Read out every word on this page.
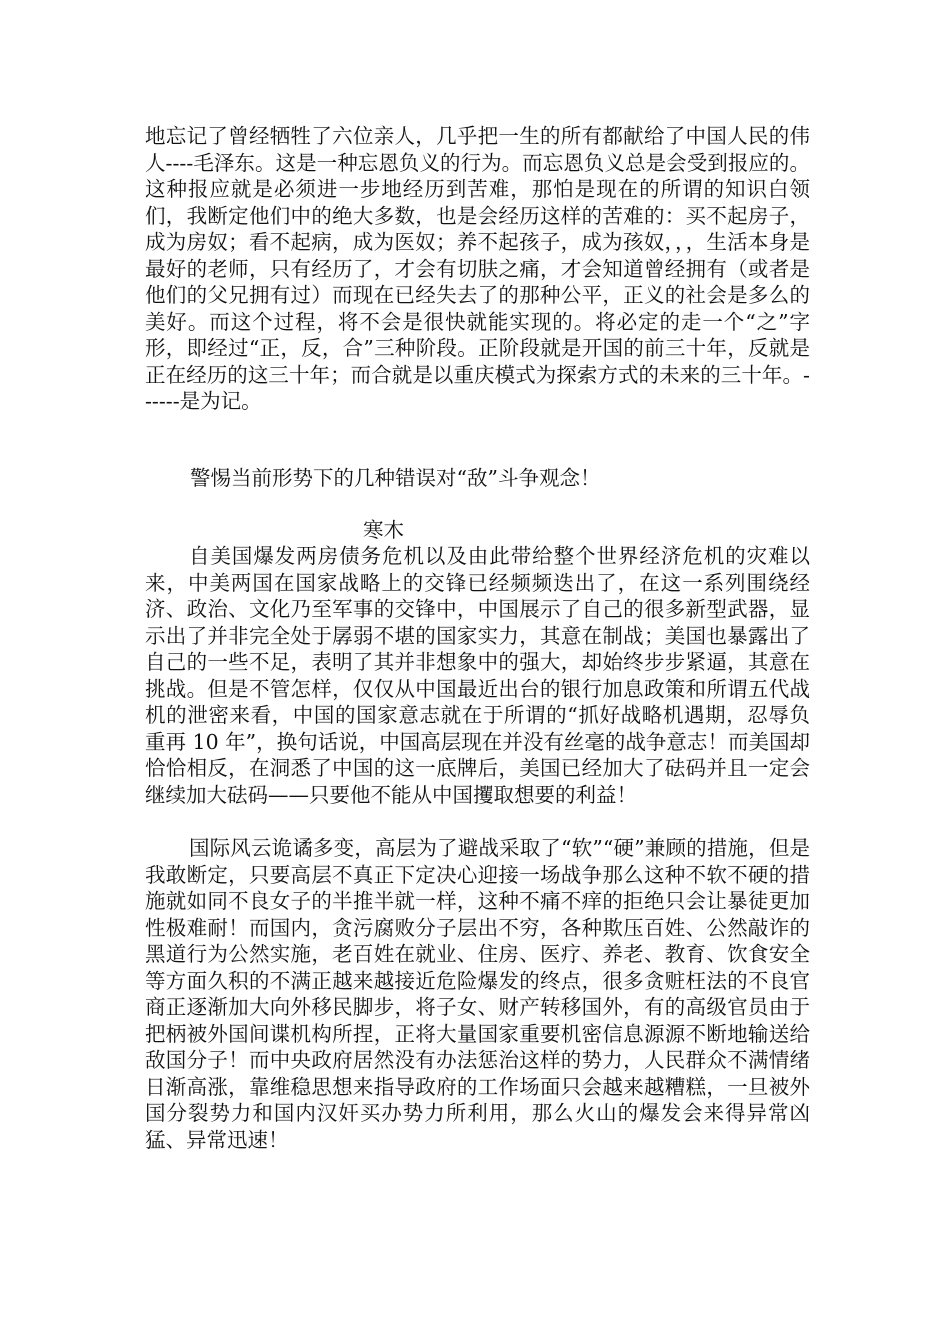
地忘记了曾经牺牲了六位亲人，几乎把一生的所有都献给了中国人民的伟人----毛泽东。这是一种忘恩负义的行为。而忘恩负义总是会受到报应的。这种报应就是必须进一步地经历到苦难，那怕是现在的所谓的知识白领们，我断定他们中的绝大多数，也是会经历这样的苦难的：买不起房子，成为房奴；看不起病，成为医奴；养不起孩子，成为孩奴，，，生活本身是最好的老师，只有经历了，才会有切肤之痛，才会知道曾经拥有（或者是他们的父兄拥有过）而现在已经失去了的那种公平，正义的社会是多么的美好。而这个过程，将不会是很快就能实现的。将必定的走一个“之”字形，即经过“正，反，合”三种阶段。正阶段就是开国的前三十年，反就是正在经历的这三十年；而合就是以重庆模式为探索方式的未来的三十年。------是为记。

警惕当前形势下的几种错误对“敌”斗争观念！
寒木

自美国爆发两房债务危机以及由此带给整个世界经济危机的灾难以来，中美两国在国家战略上的交锋已经频频迭出了，在这一系列围绕经济、政治、文化乃至军事的交锋中，中国展示了自己的很多新型武器，显示出了并非完全处于孱弱不堪的国家实力，其意在制战；美国也暴露出了自己的一些不足，表明了其并非想象中的强大，却始终步步紧逼，其意在挑战。但是不管怎样，仅仅从中国最近出台的银行加息政策和所谓五代战机的泄密来看，中国的国家意志就在于所谓的“抓好战略机遇期，忍辱负重再 10 年”，换句话说，中国高层现在并没有丝毫的战争意志！而美国却恰恰相反，在洞悉了中国的这一底牌后，美国已经加大了砝码并且一定会继续加大砝码——只要他不能从中国攫取想要的利益！

国际风云诡谲多变，高层为了避战采取了“软”“硬”兼顾的措施，但是我敢断定，只要高层不真正下定决心迎接一场战争那么这种不软不硬的措施就如同不良女子的半推半就一样，这种不痛不痒的拒绝只会让暴徒更加性极难耐！而国内，贪污腐败分子层出不穷，各种欺压百姓、公然敲诈的黑道行为公然实施，老百姓在就业、住房、医疗、养老、教育、饮食安全等方面久积的不满正越来越接近危险爆发的终点，很多贪赃枉法的不良官商正逐渐加大向外移民脚步，将子女、财产转移国外，有的高级官员由于把柄被外国间谍机构所捏，正将大量国家重要机密信息源源不断地输送给敌国分子！而中央政府居然没有办法惩治这样的势力，人民群众不满情绪日渐高涨，靠维稳思想来指导政府的工作场面只会越来越糟糕，一旦被外国分裂势力和国内汉奸买办势力所利用，那么火山的爆发会来得异常凶猛、异常迅速！
